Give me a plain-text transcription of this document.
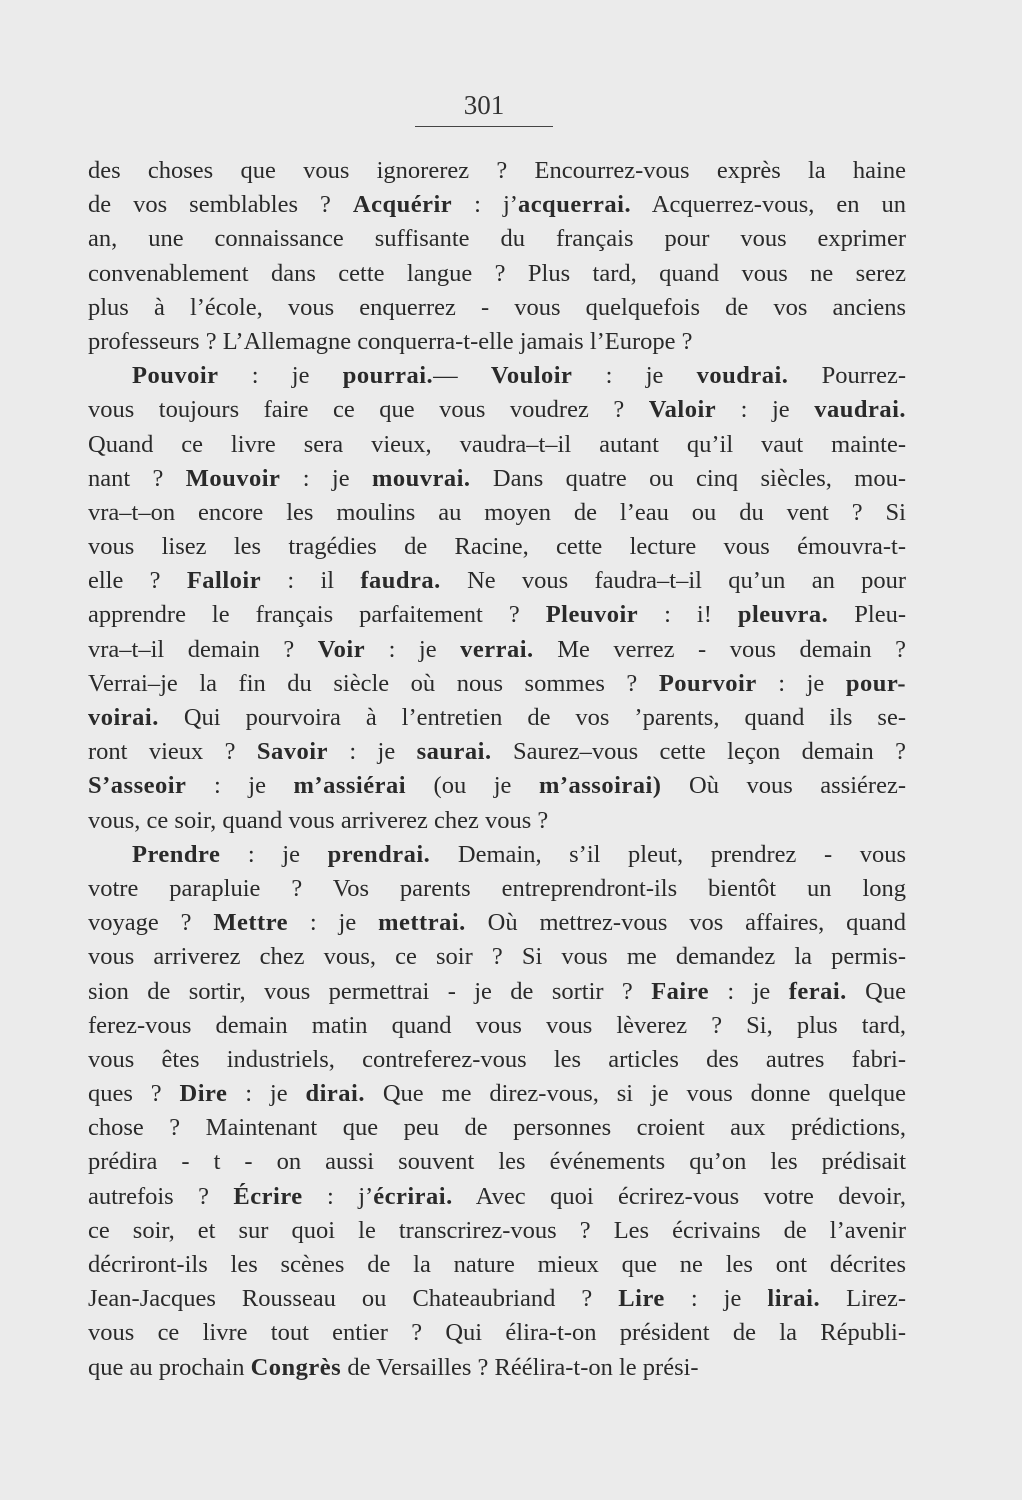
301
des choses que vous ignorerez ? Encourrez-vous exprès la haine
de vos semblables ? Acquérir : j’acquerrai. Acquerrez-vous, en un
an, une connaissance suffisante du français pour vous exprimer
convenablement dans cette langue ? Plus tard, quand vous ne serez
plus à l’école, vous enquerrez - vous quelquefois de vos anciens
professeurs ? L’Allemagne conquerra-t-elle jamais l’Europe ?
Pouvoir : je pourrai.— Vouloir : je voudrai. Pourrez-
vous toujours faire ce que vous voudrez ? Valoir : je vaudrai.
Quand ce livre sera vieux, vaudra–t–il autant qu’il vaut mainte-
nant ? Mouvoir : je mouvrai. Dans quatre ou cinq siècles, mou-
vra–t–on encore les moulins au moyen de l’eau ou du vent ? Si
vous lisez les tragédies de Racine, cette lecture vous émouvra-t-
elle ? Falloir : il faudra. Ne vous faudra–t–il qu’un an pour
apprendre le français parfaitement ? Pleuvoir : i! pleuvra. Pleu-
vra–t–il demain ? Voir : je verrai. Me verrez - vous demain ?
Verrai–je la fin du siècle où nous sommes ? Pourvoir : je pour-
voirai. Qui pourvoira à l’entretien de vos ’parents, quand ils se-
ront vieux ? Savoir : je saurai. Saurez–vous cette leçon demain ?
S’asseoir : je m’assiérai (ou je m’assoirai) Où vous assiérez-
vous, ce soir, quand vous arriverez chez vous ?
Prendre : je prendrai. Demain, s’il pleut, prendrez - vous
votre parapluie ? Vos parents entreprendront-ils bientôt un long
voyage ? Mettre : je mettrai. Où mettrez-vous vos affaires, quand
vous arriverez chez vous, ce soir ? Si vous me demandez la permis-
sion de sortir, vous permettrai - je de sortir ? Faire : je ferai. Que
ferez-vous demain matin quand vous vous lèverez ? Si, plus tard,
vous êtes industriels, contreferez-vous les articles des autres fabri-
ques ? Dire : je dirai. Que me direz-vous, si je vous donne quelque
chose ? Maintenant que peu de personnes croient aux prédictions,
prédira - t - on aussi souvent les événements qu’on les prédisait
autrefois ? Écrire : j’écrirai. Avec quoi écrirez-vous votre devoir,
ce soir, et sur quoi le transcrirez-vous ? Les écrivains de l’avenir
décriront-ils les scènes de la nature mieux que ne les ont décrites
Jean-Jacques Rousseau ou Chateaubriand ? Lire : je lirai. Lirez-
vous ce livre tout entier ? Qui élira-t-on président de la Républi-
que au prochain Congrès de Versailles ? Réélira-t-on le prési-
